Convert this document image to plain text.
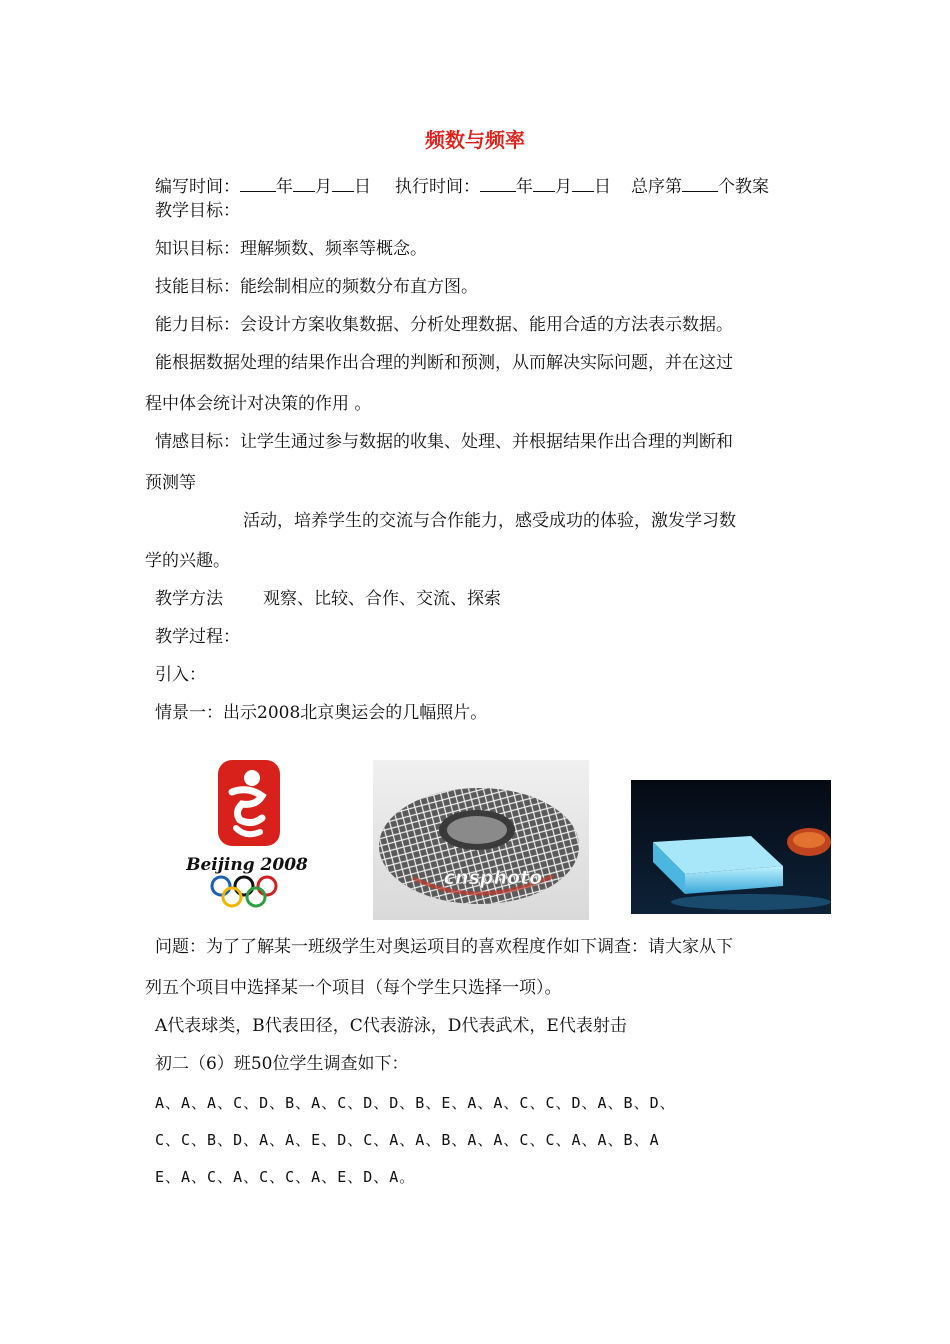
频数与频率
编写时间： 年 月 日 执行时间： 年 月 日 总序第 个教案
教学目标：
知识目标：理解频数、频率等概念。
技能目标：能绘制相应的频数分布直方图。
能力目标：会设计方案收集数据、分析处理数据、能用合适的方法表示数据。
能根据数据处理的结果作出合理的判断和预测，从而解决实际问题，并在这过
程中体会统计对决策的作用 。
情感目标：让学生通过参与数据的收集、处理、并根据结果作出合理的判断和
预测等
活动，培养学生的交流与合作能力，感受成功的体验，激发学习数
学的兴趣。
教学方法 观察、比较、合作、交流、探索
教学过程：
引入：
情景一：出示2008北京奥运会的几幅照片。
Beijing 2008
cnsphoto
问题：为了了解某一班级学生对奥运项目的喜欢程度作如下调查：请大家从下
列五个项目中选择某一个项目（每个学生只选择一项）。
A代表球类，B代表田径，C代表游泳，D代表武术，E代表射击
初二（6）班50位学生调查如下：
A、A、A、C、D、B、A、C、D、D、B、E、A、A、C、C、D、A、B、D、
C、C、B、D、A、A、E、D、C、A、A、B、A、A、C、C、A、A、B、A
E、A、C、A、C、C、A、E、D、A。
